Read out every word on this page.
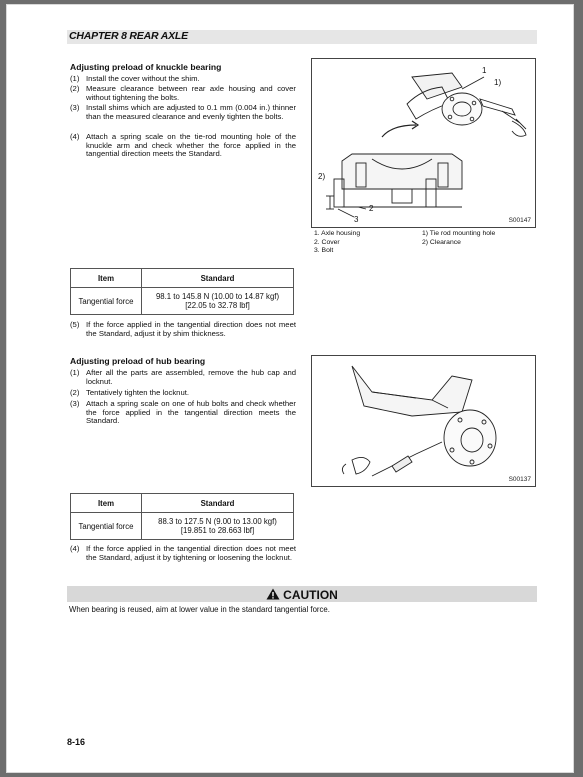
CHAPTER 8 REAR AXLE
Adjusting preload of knuckle bearing
(1) Install the cover without the shim.
(2) Measure clearance between rear axle housing and cover without tightening the bolts.
(3) Install shims which are adjusted to 0.1 mm (0.004 in.) thinner than the measured clearance and evenly tighten the bolts.
(4) Attach a spring scale on the tie-rod mounting hole of the knuckle arm and check whether the force applied in the tangential direction meets the Standard.
1
1)
2)
2
3	S00147
1. Axle housing
2. Cover
3. Bolt
1) Tie rod mounting hole
2) Clearance
Item	Standard
Tangential force	98.1 to 145.8 N (10.00 to 14.87 kgf)
[22.05 to 32.78 lbf]
(5) If the force applied in the tangential direction does not meet the Standard, adjust it by shim thickness.
Adjusting preload of hub bearing
(1) After all the parts are assembled, remove the hub cap and locknut.
(2) Tentatively tighten the locknut.
(3) Attach a spring scale on one of hub bolts and check whether the force applied in the tangential direction meets the Standard.
S00137
Item	Standard
Tangential force	88.3 to 127.5 N (9.00 to 13.00 kgf)
[19.851 to 28.663 lbf]
(4) If the force applied in the tangential direction does not meet the Standard, adjust it by tightening or loosening the locknut.
CAUTION
When bearing is reused, aim at lower value in the standard tangential force.
8-16
